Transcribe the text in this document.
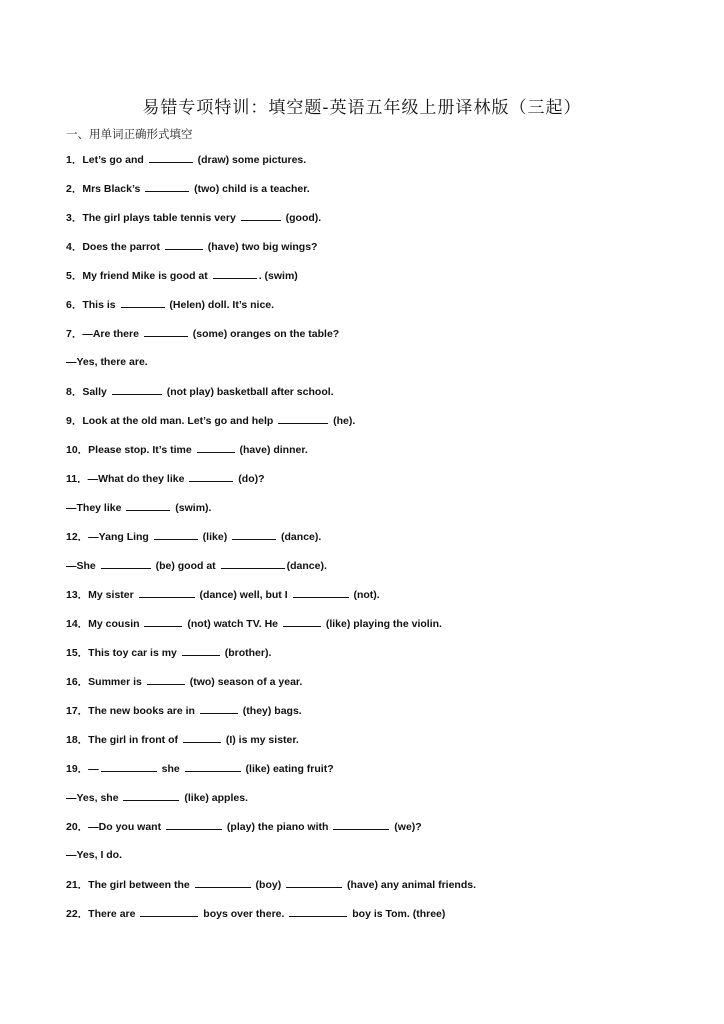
易错专项特训：填空题-英语五年级上册译林版（三起）
一、用单词正确形式填空
1．Let’s go and	(draw) some pictures.
2．Mrs Black’s	(two) child is a teacher.
3．The girl plays table tennis very	(good).
4．Does the parrot	(have) two big wings?
5．My friend Mike is good at	. (swim)
6．This is	(Helen) doll. It’s nice.
7．—Are there	(some) oranges on the table?
—Yes, there are.
8．Sally	(not play) basketball after school.
9．Look at the old man. Let’s go and help	(he).
10．Please stop. It’s time	(have) dinner.
11．—What do they like	(do)?
—They like	(swim).
12．—Yang Ling	(like)	(dance).
—She	(be) good at	(dance).
13．My sister	(dance) well, but I	(not).
14．My cousin	(not) watch TV. He	(like) playing the violin.
15．This toy car is my	(brother).
16．Summer is	(two) season of a year.
17．The new books are in	(they) bags.
18．The girl in front of	(I) is my sister.
19．—	she	(like) eating fruit?
—Yes, she	(like) apples.
20．—Do you want	(play) the piano with	(we)?
—Yes, I do.
21．The girl between the	(boy)	(have) any animal friends.
22．There are	boys over there.	boy is Tom. (three)
